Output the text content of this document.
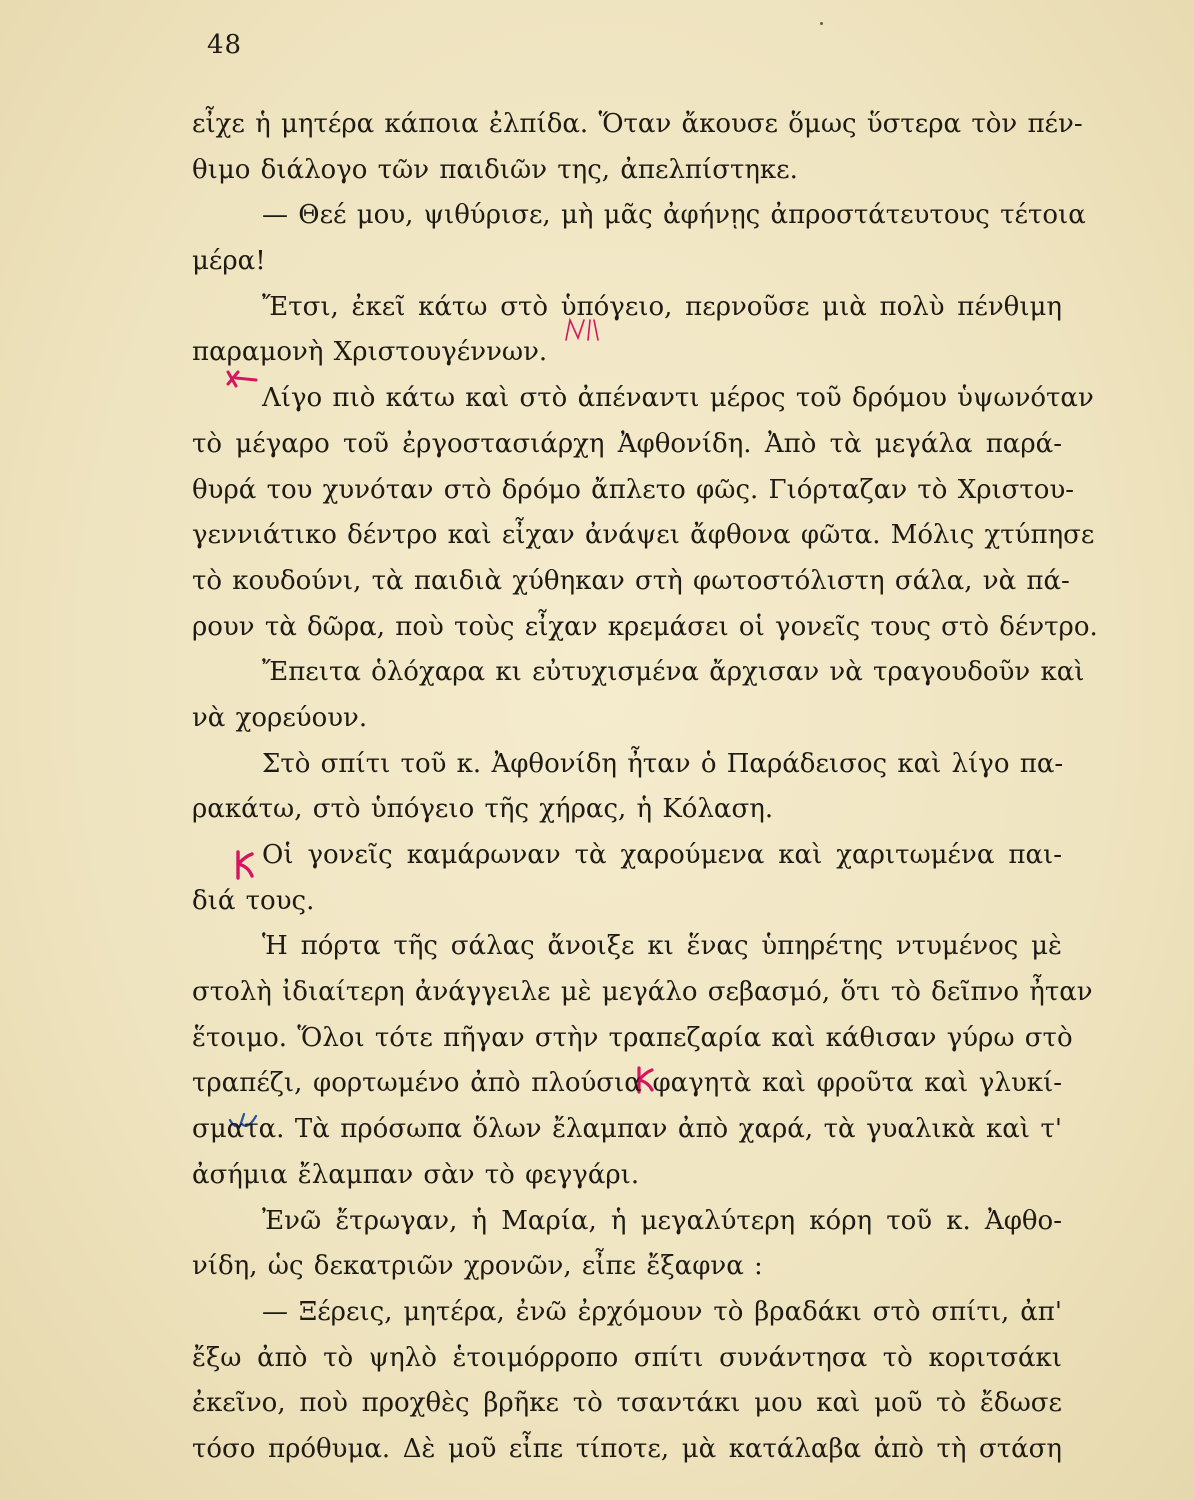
48
εἶχε ἡ μητέρα κάποια ἐλπίδα. Ὅταν ἄκουσε ὅμως ὕστερα τὸν πέν-
θιμο διάλογο τῶν παιδιῶν της, ἀπελπίστηκε.
— Θεέ μου, ψιθύρισε, μὴ μᾶς ἀφήνῃς ἀπροστάτευτους τέτοια
μέρα!
Ἔτσι, ἐκεῖ κάτω στὸ ὑπόγειο, περνοῦσε μιὰ πολὺ πένθιμη
παραμονὴ Χριστουγέννων.
Λίγο πιὸ κάτω καὶ στὸ ἀπέναντι μέρος τοῦ δρόμου ὑψωνόταν
τὸ μέγαρο τοῦ ἐργοστασιάρχη Ἀφθονίδη. Ἀπὸ τὰ μεγάλα παρά-
θυρά του χυνόταν στὸ δρόμο ἄπλετο φῶς. Γιόρταζαν τὸ Χριστου-
γεννιάτικο δέντρο καὶ εἶχαν ἀνάψει ἄφθονα φῶτα. Μόλις χτύπησε
τὸ κουδούνι, τὰ παιδιὰ χύθηκαν στὴ φωτοστόλιστη σάλα, νὰ πά-
ρουν τὰ δῶρα, ποὺ τοὺς εἶχαν κρεμάσει οἱ γονεῖς τους στὸ δέντρο.
Ἔπειτα ὁλόχαρα κι εὐτυχισμένα ἄρχισαν νὰ τραγουδοῦν καὶ
νὰ χορεύουν.
Στὸ σπίτι τοῦ κ. Ἀφθονίδη ἦταν ὁ Παράδεισος καὶ λίγο πα-
ρακάτω, στὸ ὑπόγειο τῆς χήρας, ἡ Κόλαση.
Οἱ γονεῖς καμάρωναν τὰ χαρούμενα καὶ χαριτωμένα παι-
διά τους.
Ἡ πόρτα τῆς σάλας ἄνοιξε κι ἕνας ὑπηρέτης ντυμένος μὲ
στολὴ ἰδιαίτερη ἀνάγγειλε μὲ μεγάλο σεβασμό, ὅτι τὸ δεῖπνο ἦταν
ἕτοιμο. Ὅλοι τότε πῆγαν στὴν τραπεζαρία καὶ κάθισαν γύρω στὸ
τραπέζι, φορτωμένο ἀπὸ πλούσια φαγητὰ καὶ φροῦτα καὶ γλυκί-
σματα. Τὰ πρόσωπα ὅλων ἔλαμπαν ἀπὸ χαρά, τὰ γυαλικὰ καὶ τ'
ἀσήμια ἔλαμπαν σὰν τὸ φεγγάρι.
Ἐνῶ ἔτρωγαν, ἡ Μαρία, ἡ μεγαλύτερη κόρη τοῦ κ. Ἀφθο-
νίδη, ὡς δεκατριῶν χρονῶν, εἶπε ἔξαφνα :
— Ξέρεις, μητέρα, ἐνῶ ἐρχόμουν τὸ βραδάκι στὸ σπίτι, ἀπ'
ἔξω ἀπὸ τὸ ψηλὸ ἑτοιμόρροπο σπίτι συνάντησα τὸ κοριτσάκι
ἐκεῖνο, ποὺ προχθὲς βρῆκε τὸ τσαντάκι μου καὶ μοῦ τὸ ἔδωσε
τόσο πρόθυμα. Δὲ μοῦ εἶπε τίποτε, μὰ κατάλαβα ἀπὸ τὴ στάση
